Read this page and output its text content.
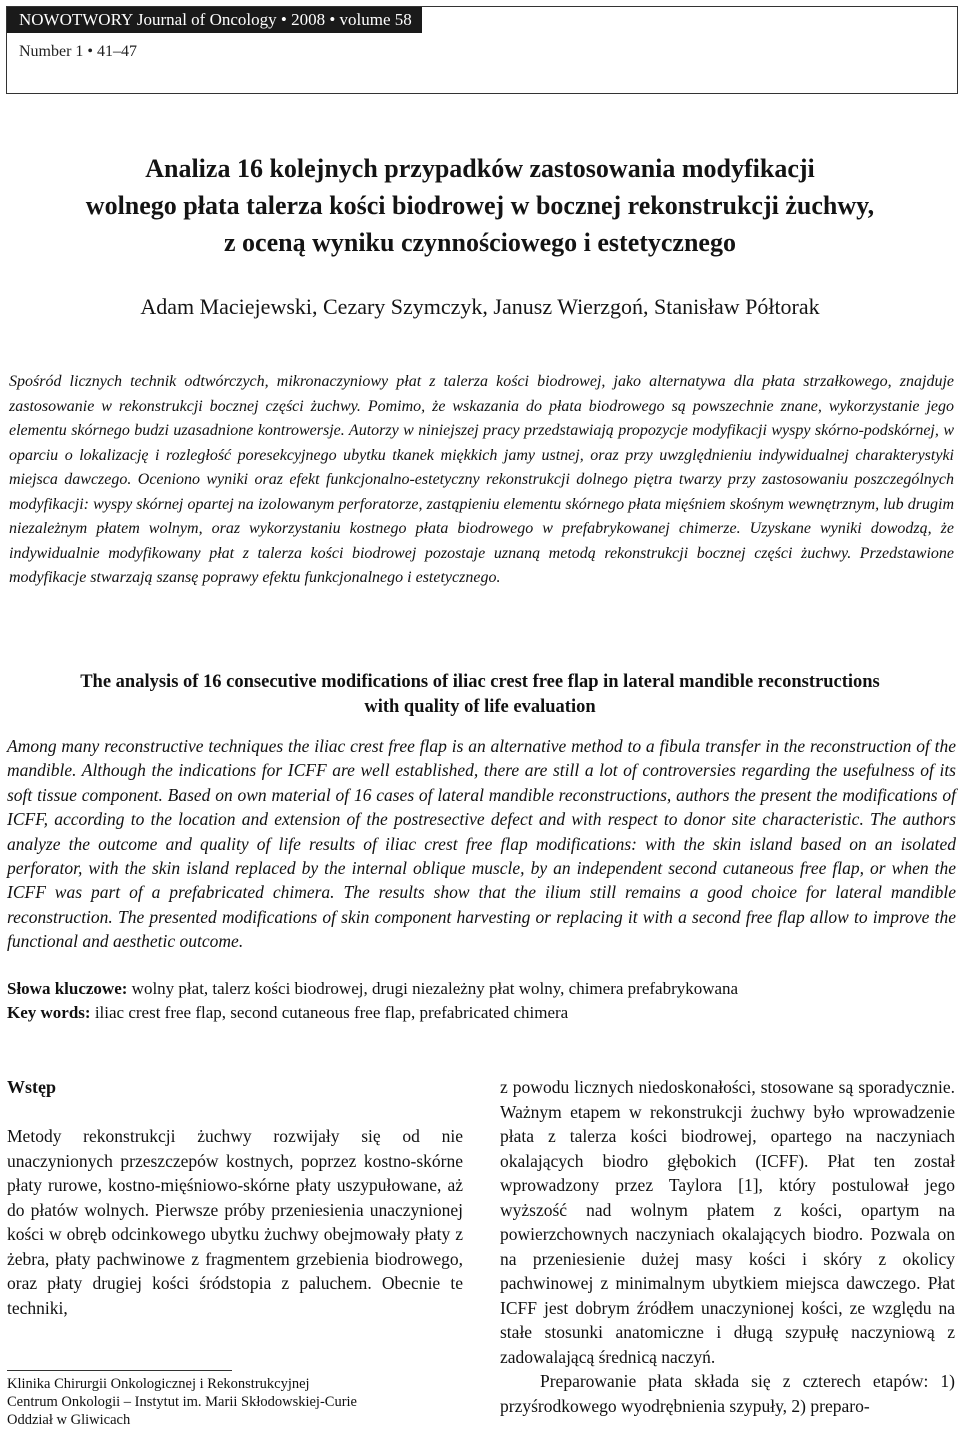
NOWOTWORY Journal of Oncology • 2008 • volume 58
Number 1 • 41–47
Analiza 16 kolejnych przypadków zastosowania modyfikacji
wolnego płata talerza kości biodrowej w bocznej rekonstrukcji żuchwy,
z oceną wyniku czynnościowego i estetycznego
Adam Maciejewski, Cezary Szymczyk, Janusz Wierzgoń, Stanisław Półtorak

Spośród licznych technik odtwórczych, mikronaczyniowy płat z talerza kości biodrowej, jako alternatywa dla płata strzałkowego, znajduje zastosowanie w rekonstrukcji bocznej części żuchwy. Pomimo, że wskazania do płata biodrowego są powszechnie znane, wykorzystanie jego elementu skórnego budzi uzasadnione kontrowersje. Autorzy w niniejszej pracy przedstawiają propozycje modyfikacji wyspy skórno-podskórnej, w oparciu o lokalizację i rozległość poresekcyjnego ubytku tkanek miękkich jamy ustnej, oraz przy uwzględnieniu indywidualnej charakterystyki miejsca dawczego. Oceniono wyniki oraz efekt funkcjonalno-estetyczny rekonstrukcji dolnego piętra twarzy przy zastosowaniu poszczególnych modyfikacji: wyspy skórnej opartej na izolowanym perforatorze, zastąpieniu elementu skórnego płata mięśniem skośnym wewnętrznym, lub drugim niezależnym płatem wolnym, oraz wykorzystaniu kostnego płata biodrowego w prefabrykowanej chimerze. Uzyskane wyniki dowodzą, że indywidualnie modyfikowany płat z talerza kości biodrowej pozostaje uznaną metodą rekonstrukcji bocznej części żuchwy. Przedstawione modyfikacje stwarzają szansę poprawy efektu funkcjonalnego i estetycznego.

The analysis of 16 consecutive modifications of iliac crest free flap in lateral mandible reconstructions
with quality of life evaluation

Among many reconstructive techniques the iliac crest free flap is an alternative method to a fibula transfer in the reconstruction of the mandible. Although the indications for ICFF are well established, there are still a lot of controversies regarding the usefulness of its soft tissue component. Based on own material of 16 cases of lateral mandible reconstructions, authors the present the modifications of ICFF, according to the location and extension of the postresective defect and with respect to donor site characteristic. The authors analyze the outcome and quality of life results of iliac crest free flap modifications: with the skin island based on an isolated perforator, with the skin island replaced by the internal oblique muscle, by an independent second cutaneous free flap, or when the ICFF was part of a prefabricated chimera. The results show that the ilium still remains a good choice for lateral mandible reconstruction. The presented modifications of skin component harvesting or replacing it with a second free flap allow to improve the functional and aesthetic outcome.

Słowa kluczowe: wolny płat, talerz kości biodrowej, drugi niezależny płat wolny, chimera prefabrykowana
Key words: iliac crest free flap, second cutaneous free flap, prefabricated chimera
Wstęp

Metody rekonstrukcji żuchwy rozwijały się od nie unaczynionych przeszczepów kostnych, poprzez kostno-skórne płaty rurowe, kostno-mięśniowo-skórne płaty uszypułowane, aż do płatów wolnych. Pierwsze próby przeniesienia unaczynionej kości w obręb odcinkowego ubytku żuchwy obejmowały płaty z żebra, płaty pachwinowe z fragmentem grzebienia biodrowego, oraz płaty drugiej kości śródstopia z paluchem. Obecnie te techniki,

z powodu licznych niedoskonałości, stosowane są sporadycznie. Ważnym etapem w rekonstrukcji żuchwy było wprowadzenie płata z talerza kości biodrowej, opartego na naczyniach okalających biodro głębokich (ICFF). Płat ten został wprowadzony przez Taylora [1], który postulował jego wyższość nad wolnym płatem z kości, opartym na powierzchownych naczyniach okalających biodro. Pozwala on na przeniesienie dużej masy kości i skóry z okolicy pachwinowej z minimalnym ubytkiem miejsca dawczego. Płat ICFF jest dobrym źródłem unaczynionej kości, ze względu na stałe stosunki anatomiczne i długą szypułę naczyniową z zadowalającą średnicą naczyń.

Preparowanie płata składa się z czterech etapów: 1) przyśrodkowego wyodrębnienia szypuły, 2) preparo-

Klinika Chirurgii Onkologicznej i Rekonstrukcyjnej
Centrum Onkologii – Instytut im. Marii Skłodowskiej-Curie
Oddział w Gliwicach
